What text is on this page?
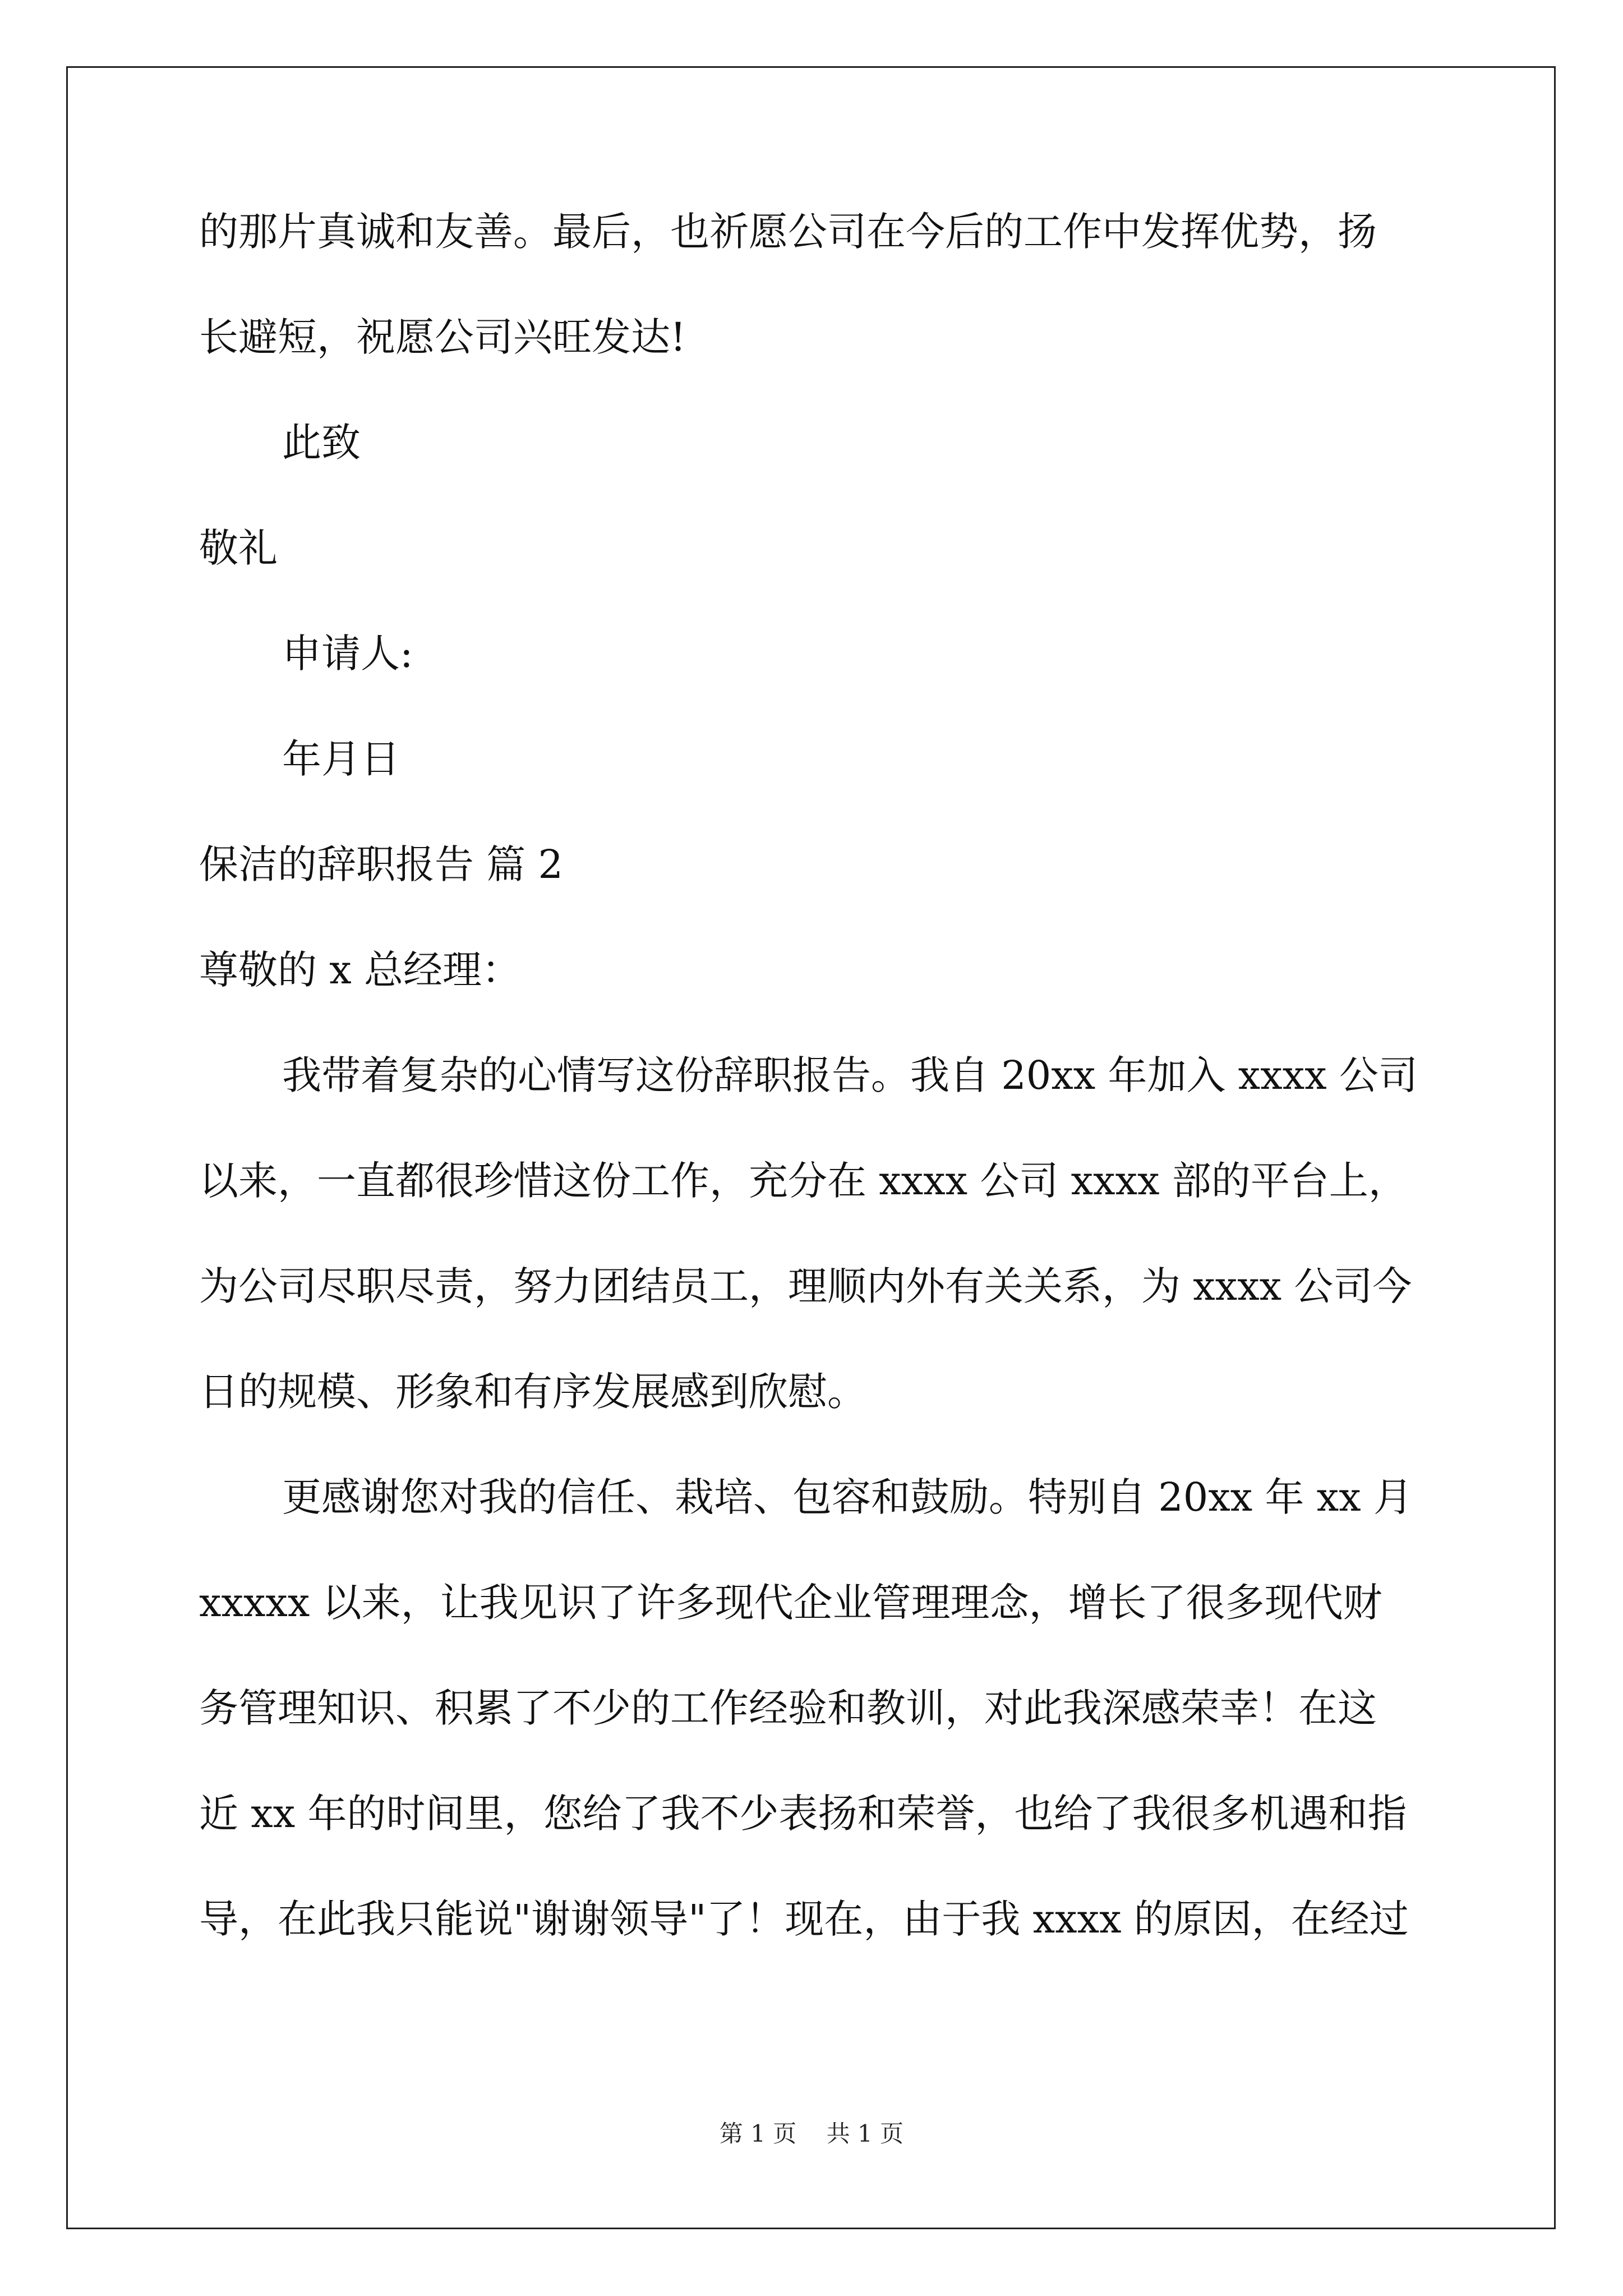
的那片真诚和友善。最后，也祈愿公司在今后的工作中发挥优势，扬
长避短，祝愿公司兴旺发达!
此致
敬礼
申请人:
年月日
保洁的辞职报告 篇 2
尊敬的 x 总经理：
我带着复杂的心情写这份辞职报告。我自 20xx 年加入 xxxx 公司
以来，一直都很珍惜这份工作，充分在 xxxx 公司 xxxx 部的平台上，
为公司尽职尽责，努力团结员工，理顺内外有关关系，为 xxxx 公司今
日的规模、形象和有序发展感到欣慰。
更感谢您对我的信任、栽培、包容和鼓励。特别自 20xx 年 xx 月
xxxxx 以来，让我见识了许多现代企业管理理念，增长了很多现代财
务管理知识、积累了不少的工作经验和教训，对此我深感荣幸！在这
近 xx 年的时间里，您给了我不少表扬和荣誉，也给了我很多机遇和指
导，在此我只能说"谢谢领导"了！现在，由于我 xxxx 的原因，在经过
第 1 页    共 1 页
